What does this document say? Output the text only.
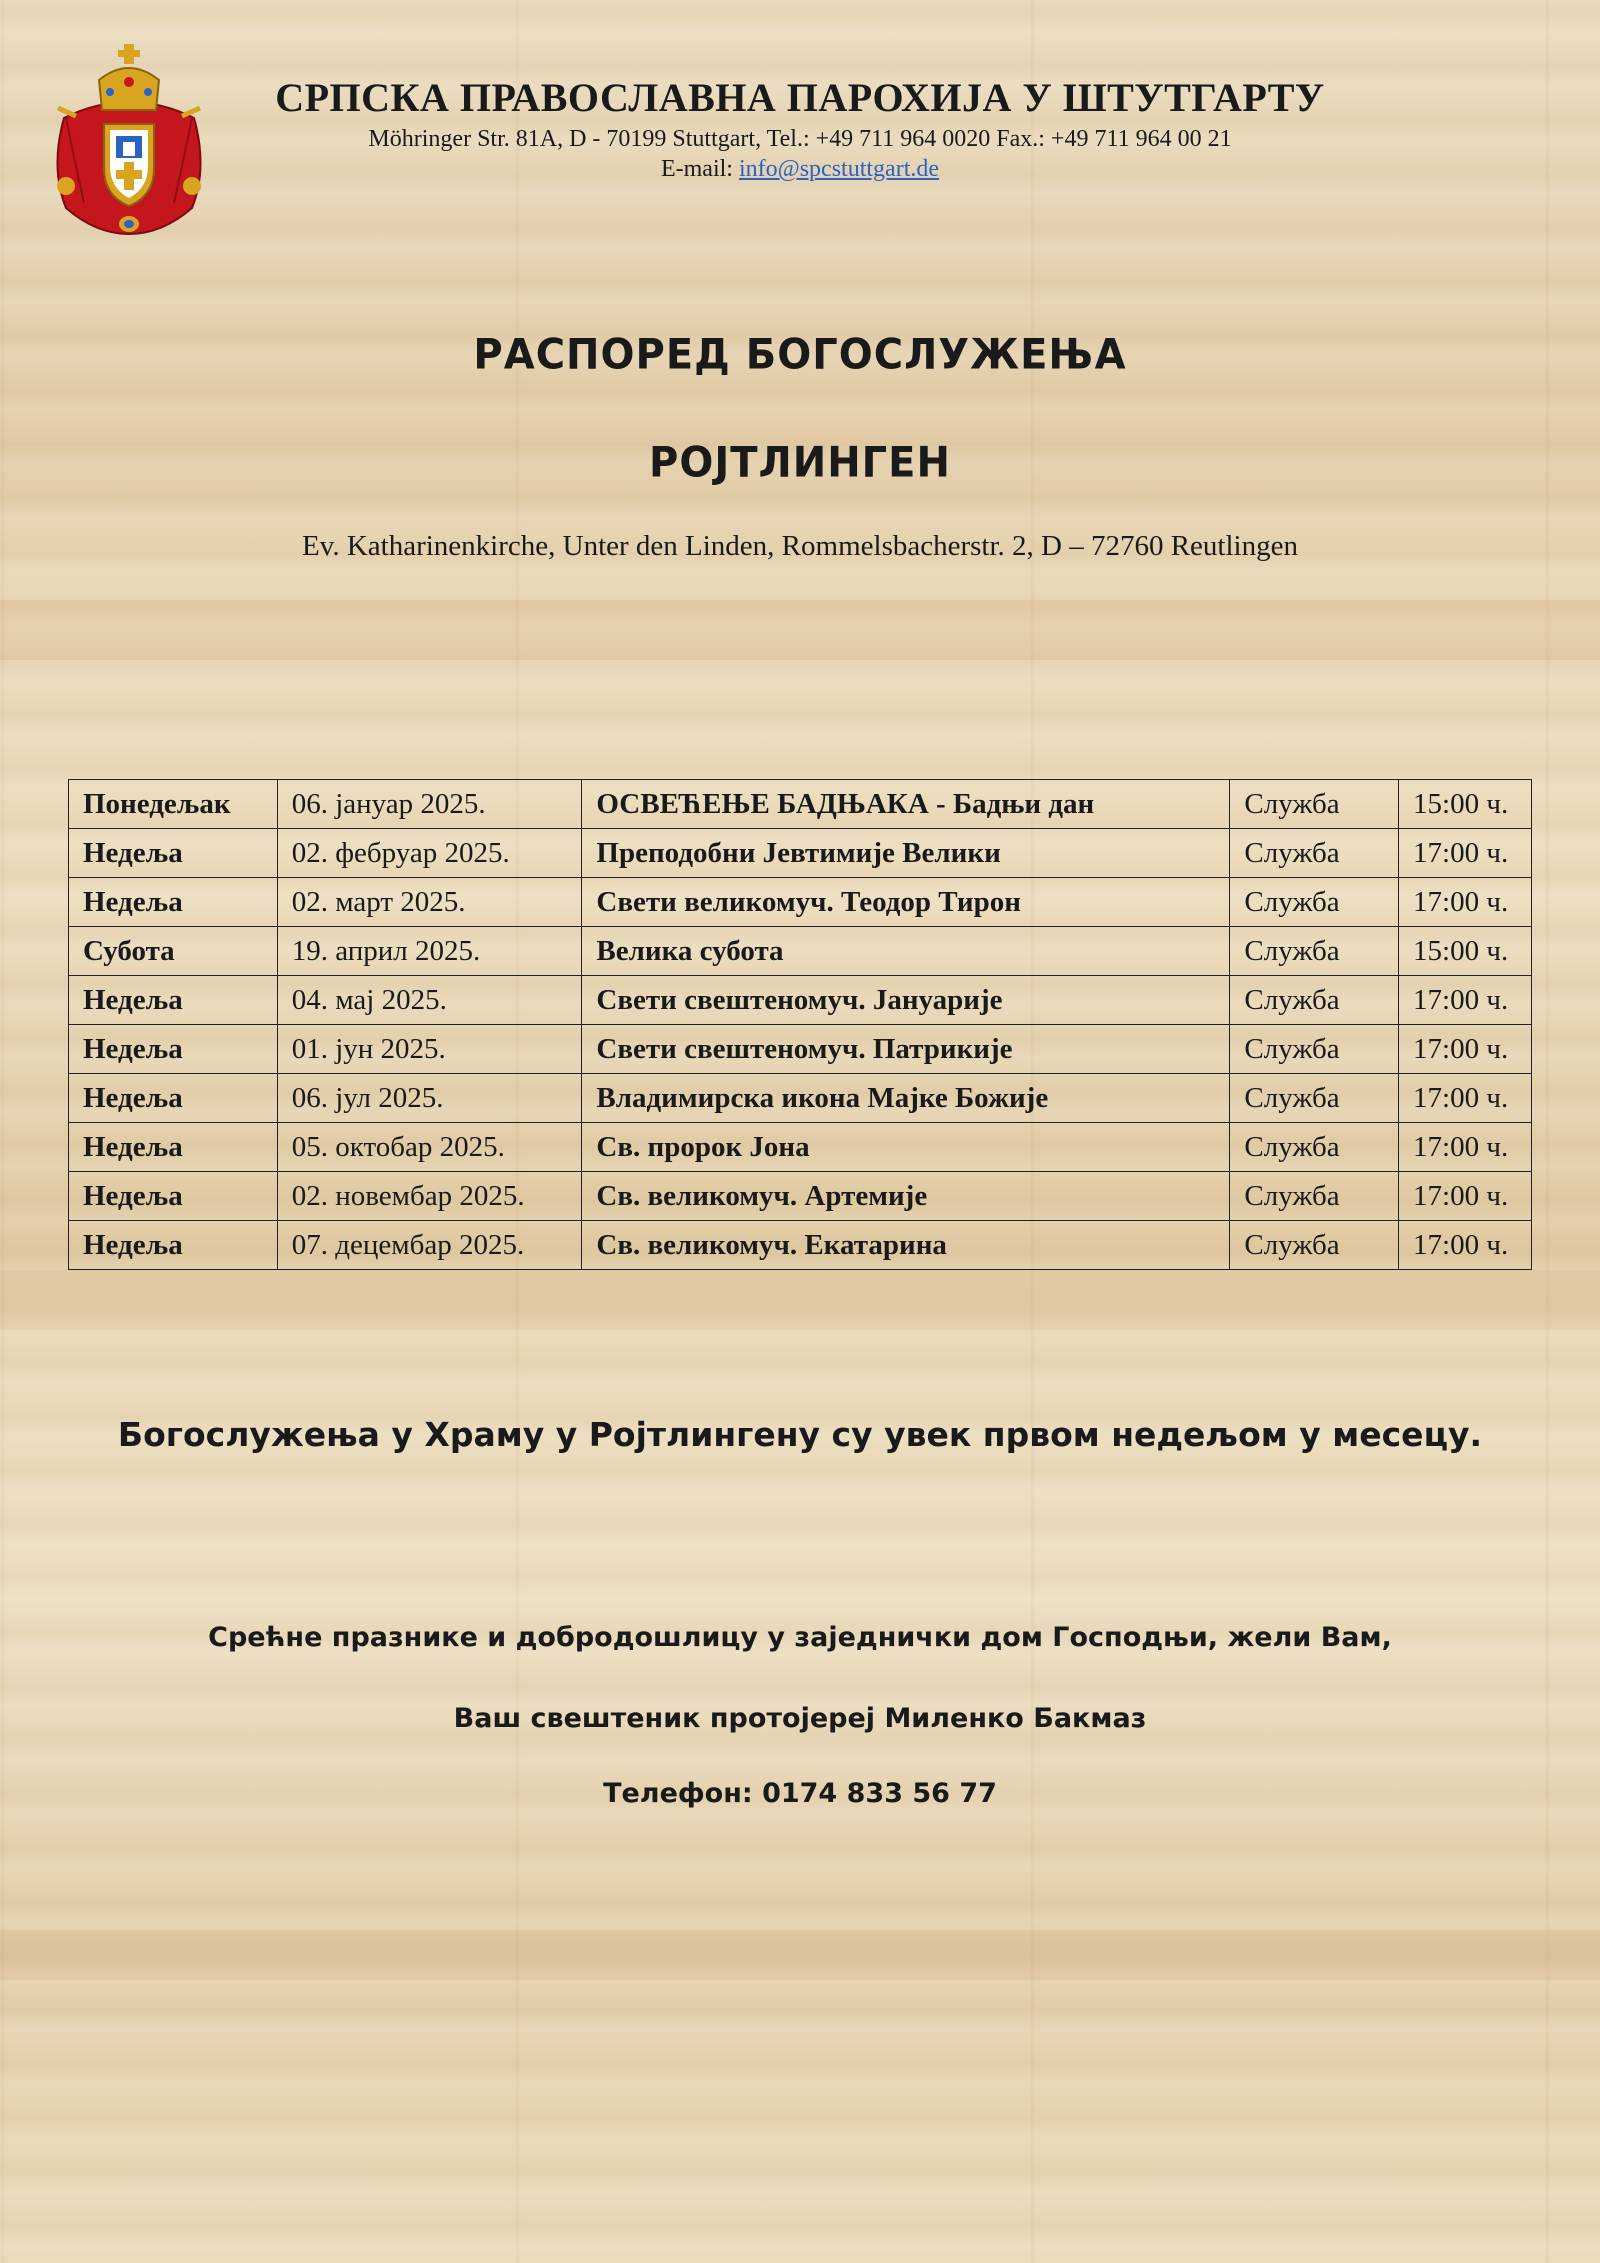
СРПСКА ПРАВОСЛАВНА ПАРОХИЈА У ШТУТГАРТУ
Möhringer Str. 81A, D - 70199 Stuttgart, Tel.: +49 711 964 0020 Fax.: +49 711 964 00 21
E-mail: info@spcstuttgart.de
РАСПОРЕД БОГОСЛУЖЕЊА
РОЈТЛИНГЕН
Ev. Katharinenkirche, Unter den Linden, Rommelsbacherstr. 2, D – 72760 Reutlingen
Понедељак	06. јануар 2025.	ОСВЕЋЕЊЕ БАДЊАКА - Бадњи дан	Служба	15:00 ч.
Недеља	02. фебруар 2025.	Преподобни Јевтимије Велики	Служба	17:00 ч.
Недеља	02. март 2025.	Свети великомуч. Теодор Тирон	Служба	17:00 ч.
Субота	19. април 2025.	Велика субота	Служба	15:00 ч.
Недеља	04. мај 2025.	Свети свештеномуч. Јануарије	Служба	17:00 ч.
Недеља	01. јун 2025.	Свети свештеномуч. Патрикије	Служба	17:00 ч.
Недеља	06. јул 2025.	Владимирска икона Мајке Божије	Служба	17:00 ч.
Недеља	05. октобар 2025.	Св. пророк Јона	Служба	17:00 ч.
Недеља	02. новембар 2025.	Св. великомуч. Артемије	Служба	17:00 ч.
Недеља	07. децембар 2025.	Св. великомуч. Екатарина	Служба	17:00 ч.
Богослужења у Храму у Ројтлингену су увек првом недељом у месецу.
Срећне празнике и добродошлицу у заједнички дом Господњи, жели Вам,
Ваш свештеник протојереј Миленко Бакмаз
Телефон: 0174 833 56 77
